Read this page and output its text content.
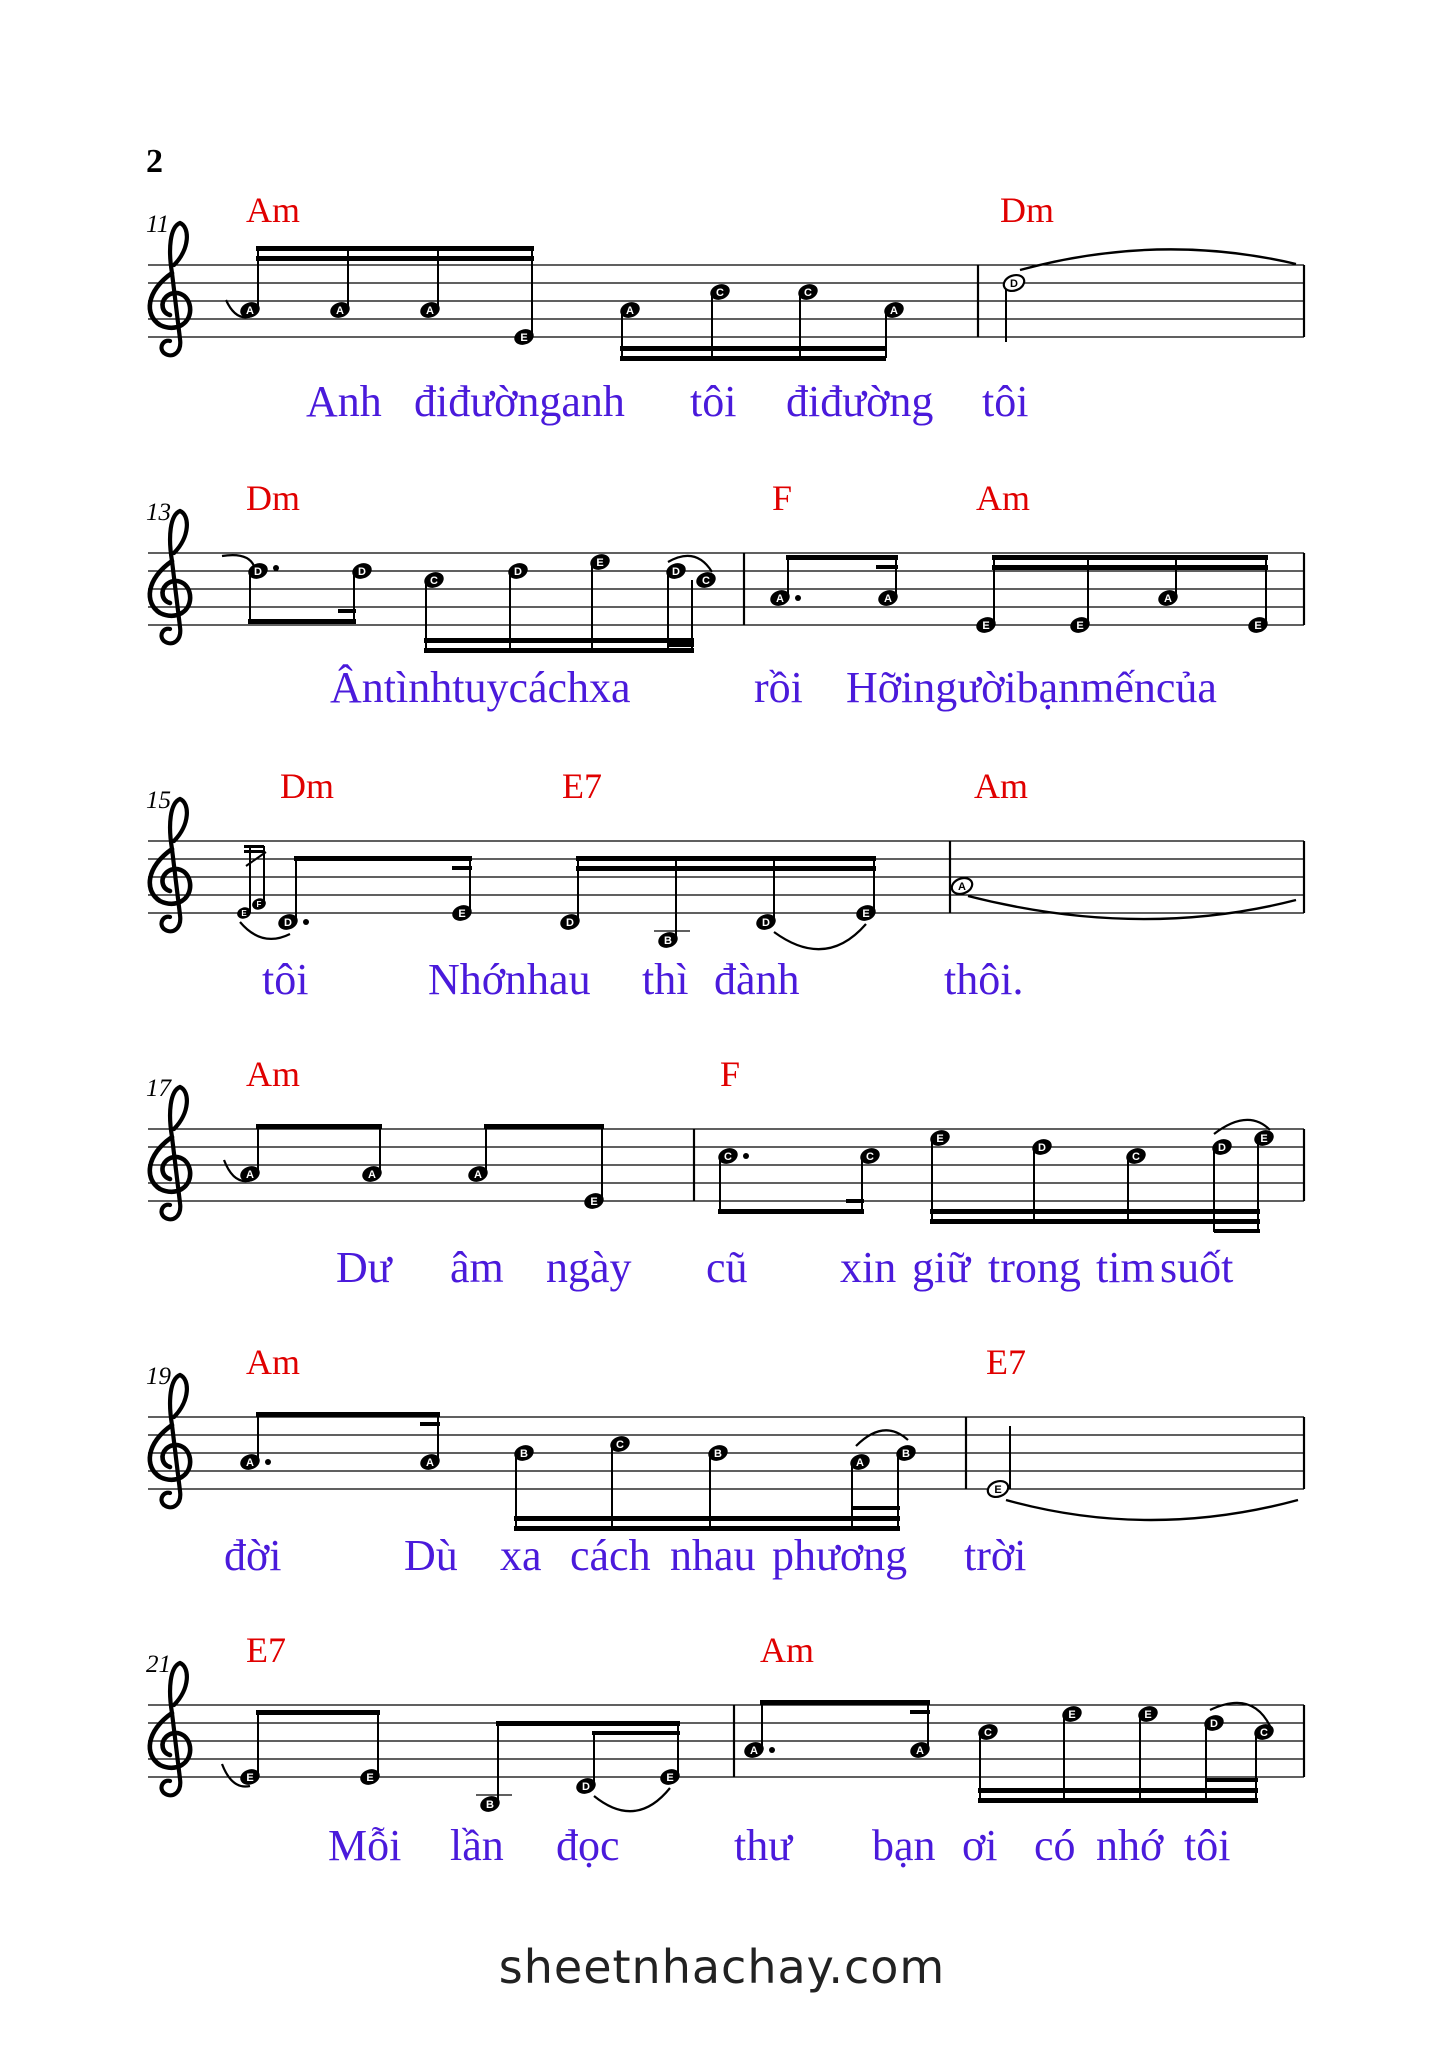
2
11 Am	Dm
A	A	A
E
A
C	C
A
D
Anh điđườnganh tôi điđường tôi
13 Dm	F	Am
D	D
C
D
E
D
C
A	A
E	E
A
E
Ântìnhtuycáchxa	rồi Hỡingườibạnmếncủa
15	Dm	E7	Am
E
F
D
E
D
B
D
E
A
tôi	Nhớnhau thì đành	thôi.
17 Am	F
A	A	A
E
C	C
E
D
C
D
E
Dư âm ngày cũ xin giữ trong tim suốt
19 Am	E7
A	A
B
C
B
A
B
E
đời	Dù xa cách nhau phương trời
21 E7	Am
E	E
B
D
E
A	A
C
E	E
D
C
Mỗi lần đọc	thư bạn ơi có nhớ tôi
sheetnhachay.com
